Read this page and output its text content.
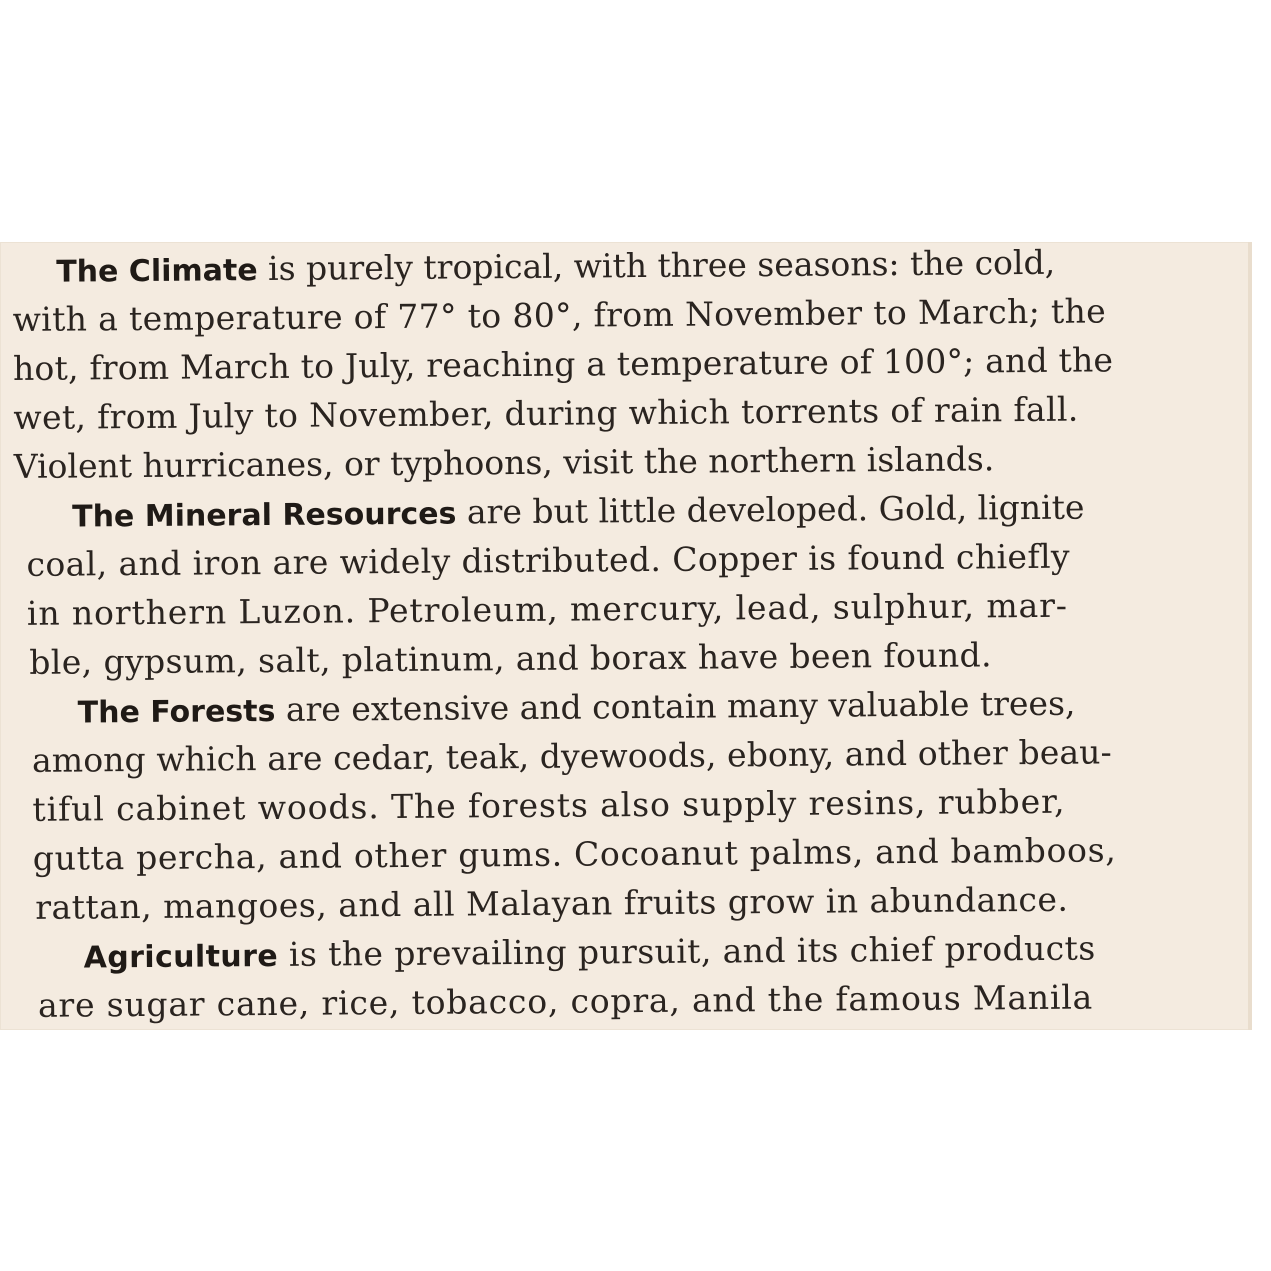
The Climate is purely tropical, with three seasons: the cold,
with a temperature of 77° to 80°, from November to March; the
hot, from March to July, reaching a temperature of 100°; and the
wet, from July to November, during which torrents of rain fall.
Violent hurricanes, or typhoons, visit the northern islands.
The Mineral Resources are but little developed. Gold, lignite
coal, and iron are widely distributed. Copper is found chiefly
in northern Luzon. Petroleum, mercury, lead, sulphur, mar-
ble, gypsum, salt, platinum, and borax have been found.
The Forests are extensive and contain many valuable trees,
among which are cedar, teak, dyewoods, ebony, and other beau-
tiful cabinet woods. The forests also supply resins, rubber,
gutta percha, and other gums. Cocoanut palms, and bamboos,
rattan, mangoes, and all Malayan fruits grow in abundance.
Agriculture is the prevailing pursuit, and its chief products
are sugar cane, rice, tobacco, copra, and the famous Manila
